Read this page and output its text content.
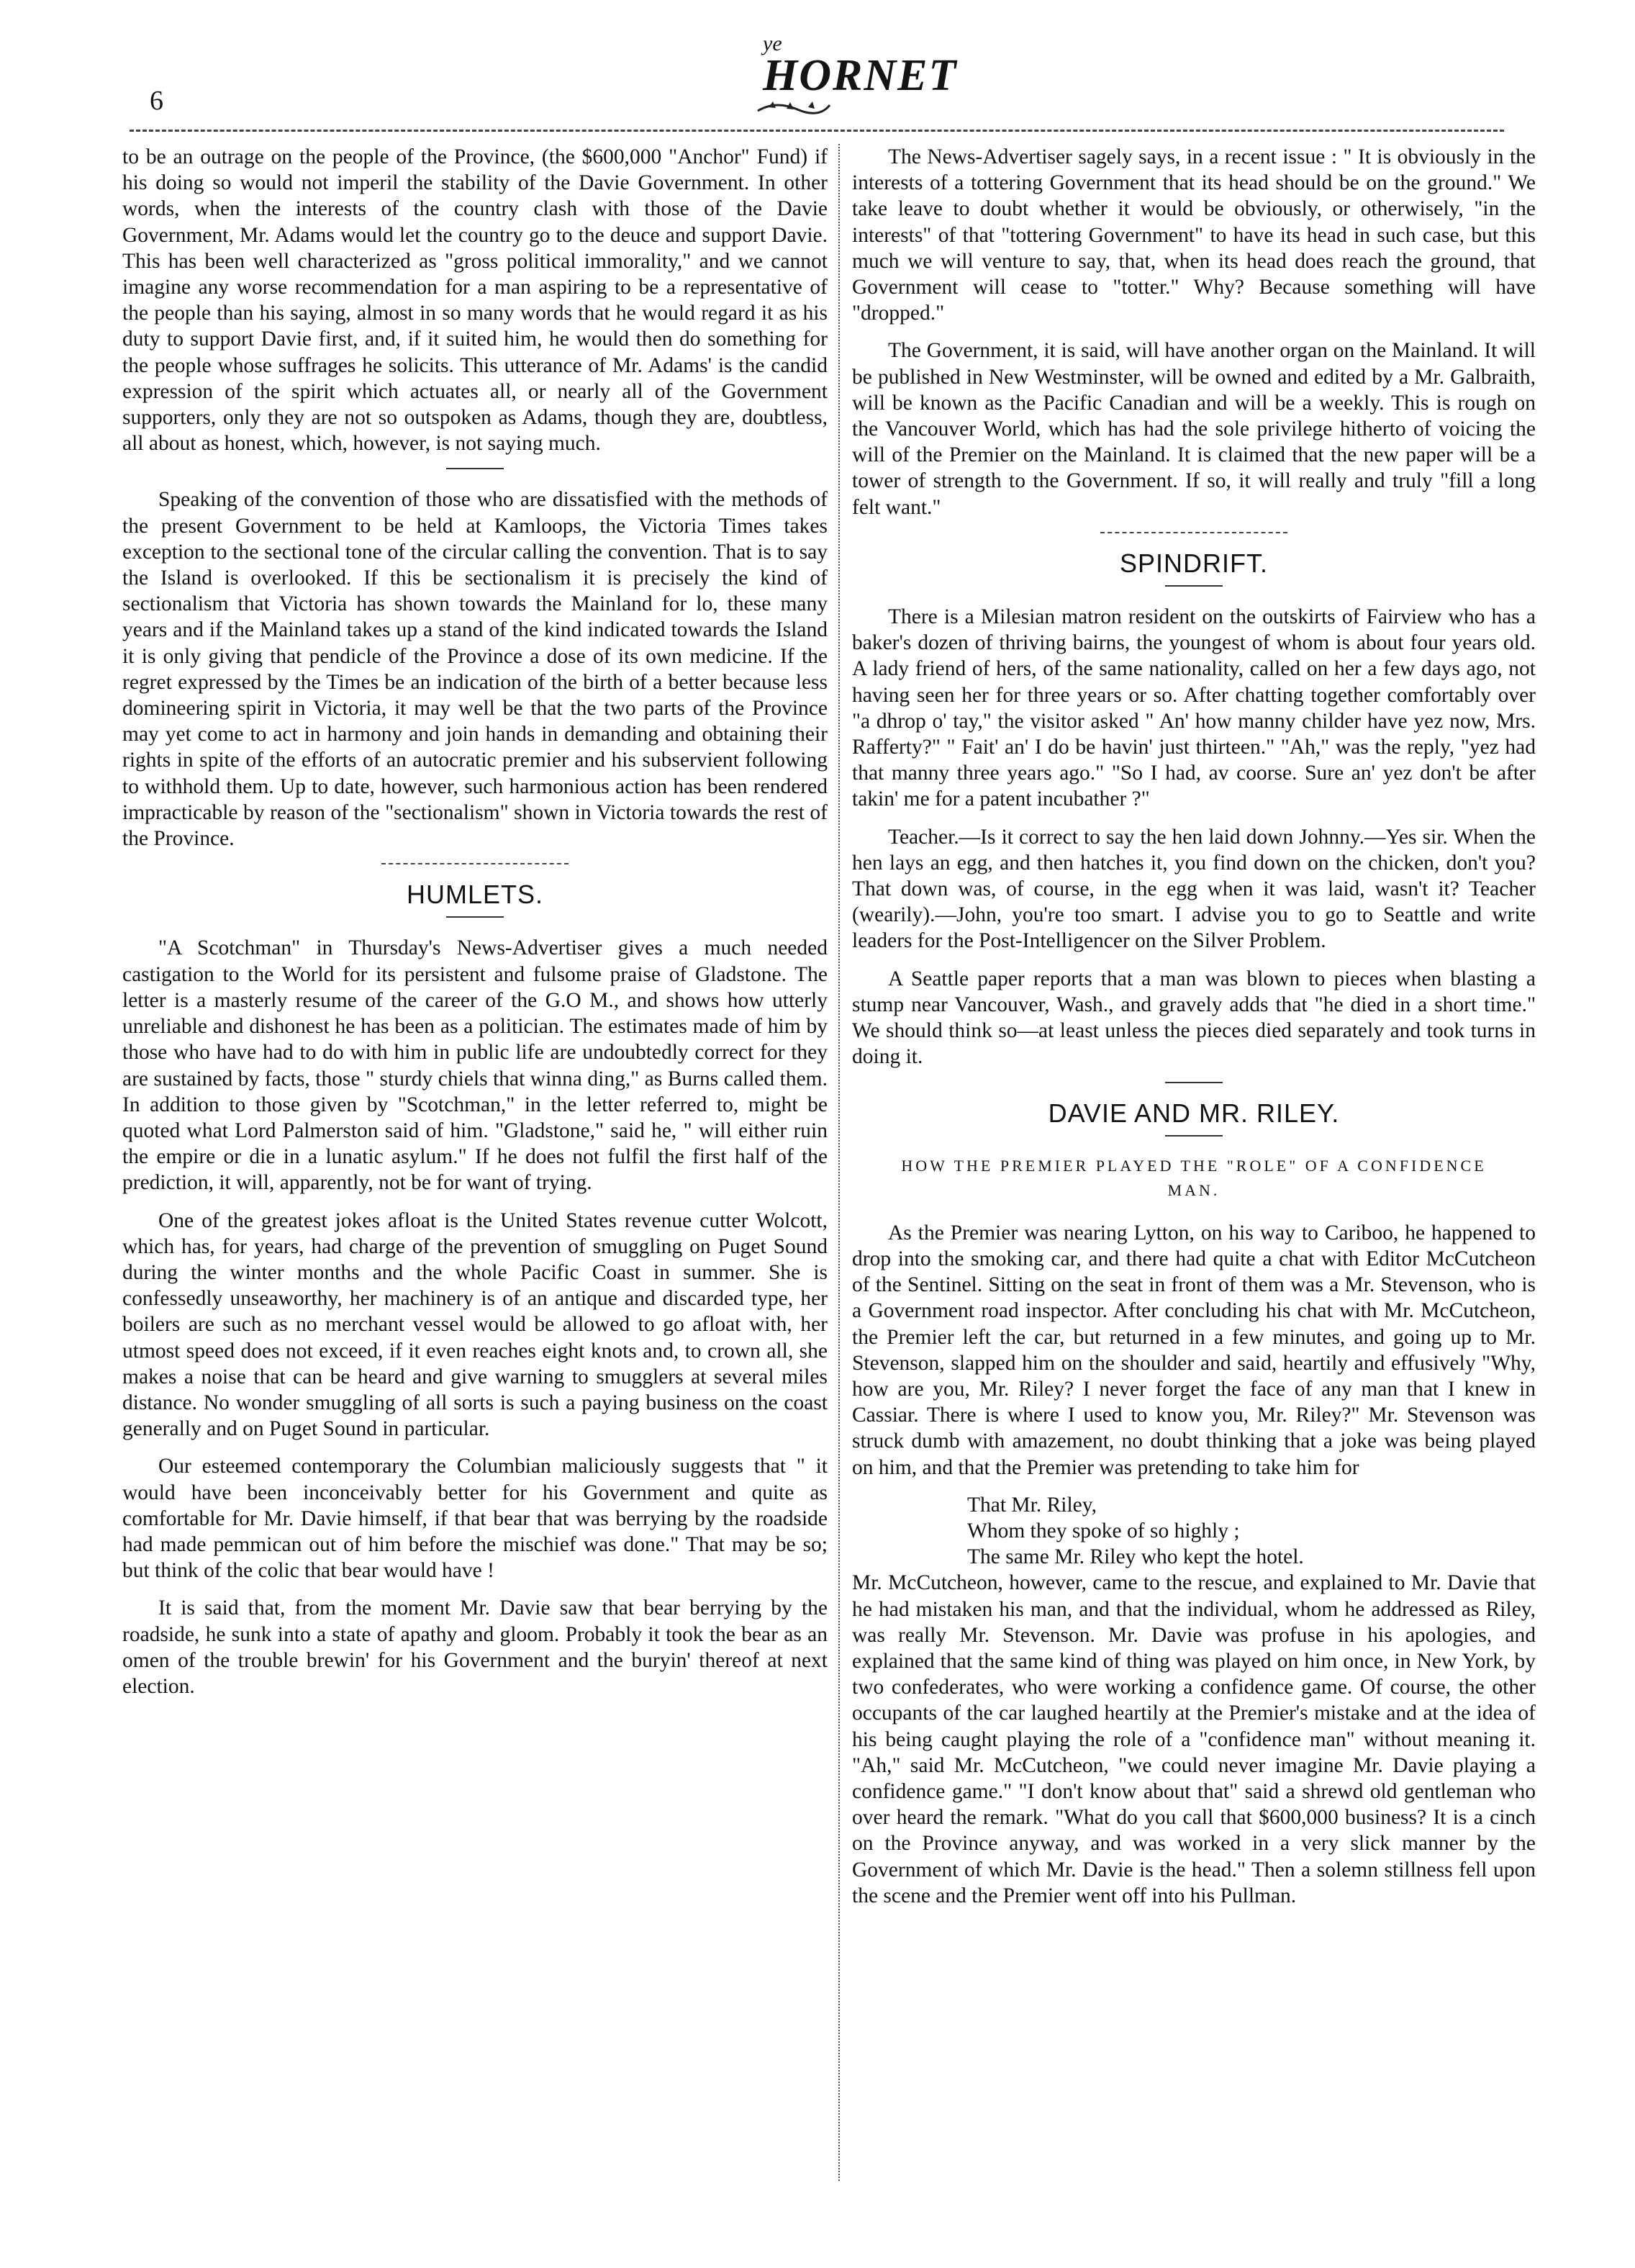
6
ye
HORNET

to be an outrage on the people of the Province, (the $600,000 "Anchor" Fund) if his doing so would not imperil the stability of the Davie Government. In other words, when the interests of the country clash with those of the Davie Government, Mr. Adams would let the country go to the deuce and support Davie. This has been well characterized as "gross political immorality," and we cannot imagine any worse recommendation for a man aspiring to be a representative of the people than his saying, almost in so many words that he would regard it as his duty to support Davie first, and, if it suited him, he would then do something for the people whose suffrages he solicits. This utterance of Mr. Adams' is the candid expression of the spirit which actuates all, or nearly all of the Government supporters, only they are not so outspoken as Adams, though they are, doubtless, all about as honest, which, however, is not saying much.

Speaking of the convention of those who are dissatisfied with the methods of the present Government to be held at Kamloops, the Victoria Times takes exception to the sectional tone of the circular calling the convention. That is to say the Island is overlooked. If this be sectionalism it is precisely the kind of sectionalism that Victoria has shown towards the Mainland for lo, these many years and if the Mainland takes up a stand of the kind indicated towards the Island it is only giving that pendicle of the Province a dose of its own medicine. If the regret expressed by the Times be an indication of the birth of a better because less domineering spirit in Victoria, it may well be that the two parts of the Province may yet come to act in harmony and join hands in demanding and obtaining their rights in spite of the efforts of an autocratic premier and his subservient following to withhold them. Up to date, however, such harmonious action has been rendered impracticable by reason of the "sectionalism" shown in Victoria towards the rest of the Province.

HUMLETS.

"A Scotchman" in Thursday's News-Advertiser gives a much needed castigation to the World for its persistent and fulsome praise of Gladstone. The letter is a masterly resume of the career of the G.O M., and shows how utterly unreliable and dishonest he has been as a politician. The estimates made of him by those who have had to do with him in public life are undoubtedly correct for they are sustained by facts, those " sturdy chiels that winna ding," as Burns called them. In addition to those given by "Scotchman," in the letter referred to, might be quoted what Lord Palmerston said of him. "Gladstone," said he, " will either ruin the empire or die in a lunatic asylum." If he does not fulfil the first half of the prediction, it will, apparently, not be for want of trying.

One of the greatest jokes afloat is the United States revenue cutter Wolcott, which has, for years, had charge of the prevention of smuggling on Puget Sound during the winter months and the whole Pacific Coast in summer. She is confessedly unseaworthy, her machinery is of an antique and discarded type, her boilers are such as no merchant vessel would be allowed to go afloat with, her utmost speed does not exceed, if it even reaches eight knots and, to crown all, she makes a noise that can be heard and give warning to smugglers at several miles distance. No wonder smuggling of all sorts is such a paying business on the coast generally and on Puget Sound in particular.

Our esteemed contemporary the Columbian maliciously suggests that " it would have been inconceivably better for his Government and quite as comfortable for Mr. Davie himself, if that bear that was berrying by the roadside had made pemmican out of him before the mischief was done." That may be so; but think of the colic that bear would have !

It is said that, from the moment Mr. Davie saw that bear berrying by the roadside, he sunk into a state of apathy and gloom. Probably it took the bear as an omen of the trouble brewin' for his Government and the buryin' thereof at next election.

The News-Advertiser sagely says, in a recent issue : " It is obviously in the interests of a tottering Government that its head should be on the ground." We take leave to doubt whether it would be obviously, or otherwisely, "in the interests" of that "tottering Government" to have its head in such case, but this much we will venture to say, that, when its head does reach the ground, that Government will cease to "totter." Why? Because something will have "dropped."

The Government, it is said, will have another organ on the Mainland. It will be published in New Westminster, will be owned and edited by a Mr. Galbraith, will be known as the Pacific Canadian and will be a weekly. This is rough on the Vancouver World, which has had the sole privilege hitherto of voicing the will of the Premier on the Mainland. It is claimed that the new paper will be a tower of strength to the Government. If so, it will really and truly "fill a long felt want."

SPINDRIFT.

There is a Milesian matron resident on the outskirts of Fairview who has a baker's dozen of thriving bairns, the youngest of whom is about four years old. A lady friend of hers, of the same nationality, called on her a few days ago, not having seen her for three years or so. After chatting together comfortably over "a dhrop o' tay," the visitor asked " An' how manny childer have yez now, Mrs. Rafferty?" " Fait' an' I do be havin' just thirteen." "Ah," was the reply, "yez had that manny three years ago." "So I had, av coorse. Sure an' yez don't be after takin' me for a patent incubather ?"

Teacher.—Is it correct to say the hen laid down Johnny.—Yes sir. When the hen lays an egg, and then hatches it, you find down on the chicken, don't you? That down was, of course, in the egg when it was laid, wasn't it? Teacher (wearily).—John, you're too smart. I advise you to go to Seattle and write leaders for the Post-Intelligencer on the Silver Problem.

A Seattle paper reports that a man was blown to pieces when blasting a stump near Vancouver, Wash., and gravely adds that "he died in a short time." We should think so—at least unless the pieces died separately and took turns in doing it.

DAVIE AND MR. RILEY.
HOW THE PREMIER PLAYED THE "ROLE" OF A CONFIDENCE MAN.

As the Premier was nearing Lytton, on his way to Cariboo, he happened to drop into the smoking car, and there had quite a chat with Editor McCutcheon of the Sentinel. Sitting on the seat in front of them was a Mr. Stevenson, who is a Government road inspector. After concluding his chat with Mr. McCutcheon, the Premier left the car, but returned in a few minutes, and going up to Mr. Stevenson, slapped him on the shoulder and said, heartily and effusively "Why, how are you, Mr. Riley? I never forget the face of any man that I knew in Cassiar. There is where I used to know you, Mr. Riley?" Mr. Stevenson was struck dumb with amazement, no doubt thinking that a joke was being played on him, and that the Premier was pretending to take him for

That Mr. Riley,
Whom they spoke of so highly ;
The same Mr. Riley who kept the hotel.

Mr. McCutcheon, however, came to the rescue, and explained to Mr. Davie that he had mistaken his man, and that the individual, whom he addressed as Riley, was really Mr. Stevenson. Mr. Davie was profuse in his apologies, and explained that the same kind of thing was played on him once, in New York, by two confederates, who were working a confidence game. Of course, the other occupants of the car laughed heartily at the Premier's mistake and at the idea of his being caught playing the role of a "confidence man" without meaning it. "Ah," said Mr. McCutcheon, "we could never imagine Mr. Davie playing a confidence game." "I don't know about that" said a shrewd old gentleman who over heard the remark. "What do you call that $600,000 business? It is a cinch on the Province anyway, and was worked in a very slick manner by the Government of which Mr. Davie is the head." Then a solemn stillness fell upon the scene and the Premier went off into his Pullman.
